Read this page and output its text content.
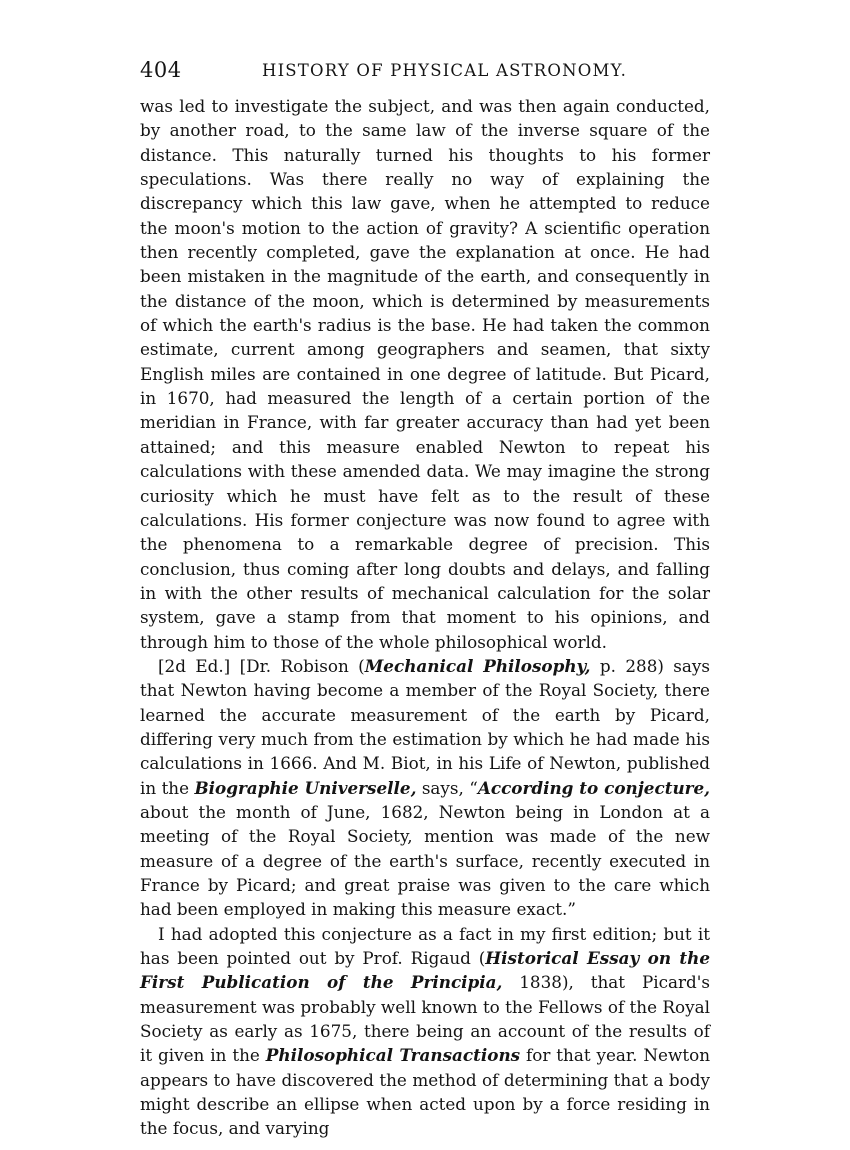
404	HISTORY OF PHYSICAL ASTRONOMY.

was led to investigate the subject, and was then again conducted, by another road, to the same law of the inverse square of the distance. This naturally turned his thoughts to his former speculations. Was there really no way of explaining the discrepancy which this law gave, when he attempted to reduce the moon's motion to the action of gravity? A scientific operation then recently completed, gave the explanation at once. He had been mistaken in the magnitude of the earth, and consequently in the distance of the moon, which is determined by measurements of which the earth's radius is the base. He had taken the common estimate, current among geographers and seamen, that sixty English miles are contained in one degree of latitude. But Picard, in 1670, had measured the length of a certain portion of the meridian in France, with far greater accuracy than had yet been attained; and this measure enabled Newton to repeat his calculations with these amended data. We may imagine the strong curiosity which he must have felt as to the result of these calculations. His former conjecture was now found to agree with the phenomena to a remarkable degree of precision. This conclusion, thus coming after long doubts and delays, and falling in with the other results of mechanical calculation for the solar system, gave a stamp from that moment to his opinions, and through him to those of the whole philosophical world.

[2d Ed.] [Dr. Robison (Mechanical Philosophy, p. 288) says that Newton having become a member of the Royal Society, there learned the accurate measurement of the earth by Picard, differing very much from the estimation by which he had made his calculations in 1666. And M. Biot, in his Life of Newton, published in the Biographie Universelle, says, “According to conjecture, about the month of June, 1682, Newton being in London at a meeting of the Royal Society, mention was made of the new measure of a degree of the earth's surface, recently executed in France by Picard; and great praise was given to the care which had been employed in making this measure exact.”

I had adopted this conjecture as a fact in my first edition; but it has been pointed out by Prof. Rigaud (Historical Essay on the First Publication of the Principia, 1838), that Picard's measurement was probably well known to the Fellows of the Royal Society as early as 1675, there being an account of the results of it given in the Philosophical Transactions for that year. Newton appears to have discovered the method of determining that a body might describe an ellipse when acted upon by a force residing in the focus, and varying
